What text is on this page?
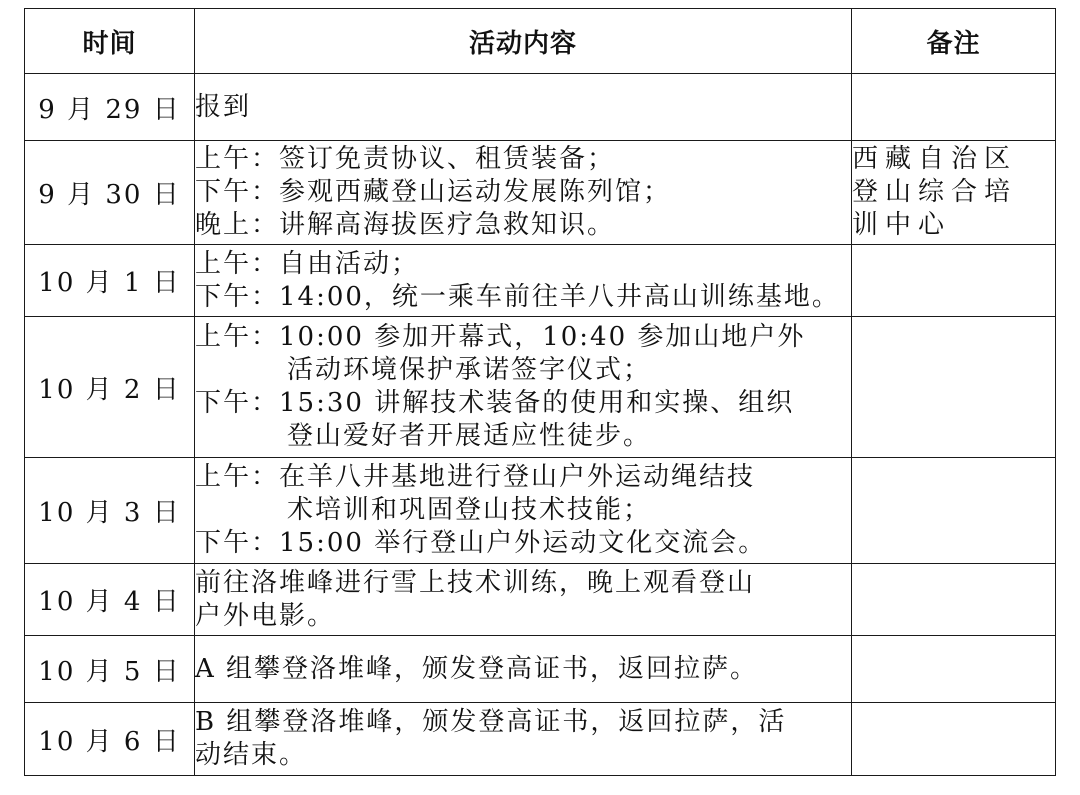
时间	活动内容	备注
9 月 29 日	报到	

9 月 30 日	上午：签订免责协议、租赁装备；
下午：参观西藏登山运动发展陈列馆；
晚上：讲解高海拔医疗急救知识。	西藏自治区
登山综合培
训中心

10 月 1 日	上午：自由活动；
下午：14:00，统一乘车前往羊八井高山训练基地。	

10 月 2 日	上午：10:00 参加开幕式，10:40 参加山地户外
活动环境保护承诺签字仪式；
下午：15:30 讲解技术装备的使用和实操、组织
登山爱好者开展适应性徒步。	

10 月 3 日	上午：在羊八井基地进行登山户外运动绳结技
术培训和巩固登山技术技能；
下午：15:00 举行登山户外运动文化交流会。	

10 月 4 日	前往洛堆峰进行雪上技术训练，晚上观看登山
户外电影。	

10 月 5 日	A 组攀登洛堆峰，颁发登高证书，返回拉萨。	

10 月 6 日	B 组攀登洛堆峰，颁发登高证书，返回拉萨，活
动结束。	
